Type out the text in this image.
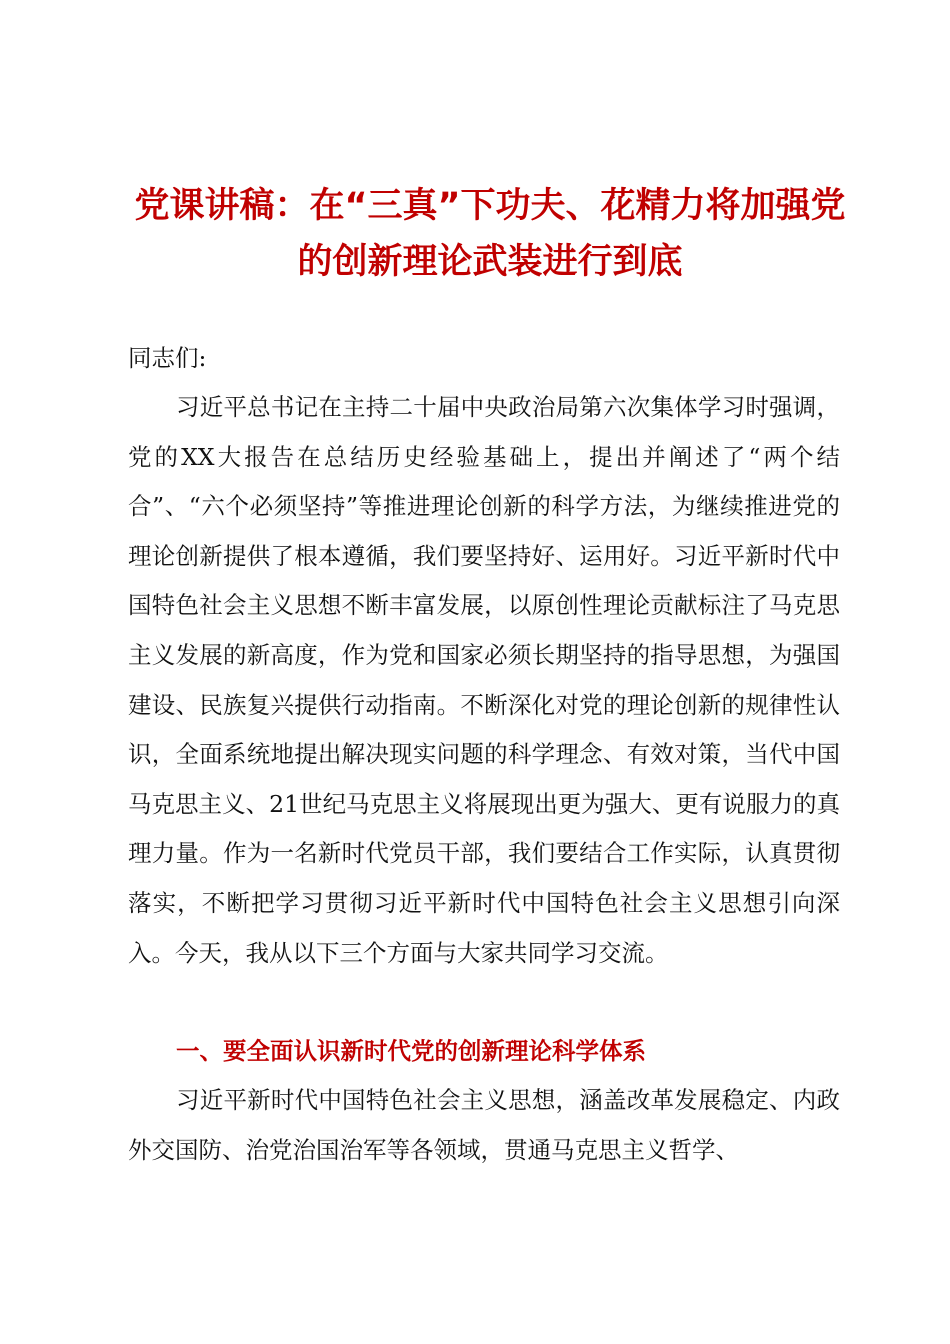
党课讲稿：在“三真”下功夫、花精力将加强党
的创新理论武装进行到底

同志们:

习近平总书记在主持二十届中央政治局第六次集体学习时强调，党的XX大报告在总结历史经验基础上，提出并阐述了“两个结合”、“六个必须坚持”等推进理论创新的科学方法，为继续推进党的理论创新提供了根本遵循，我们要坚持好、运用好。习近平新时代中国特色社会主义思想不断丰富发展，以原创性理论贡献标注了马克思主义发展的新高度，作为党和国家必须长期坚持的指导思想，为强国建设、民族复兴提供行动指南。不断深化对党的理论创新的规律性认识，全面系统地提出解决现实问题的科学理念、有效对策，当代中国马克思主义、21世纪马克思主义将展现出更为强大、更有说服力的真理力量。作为一名新时代党员干部，我们要结合工作实际，认真贯彻落实，不断把学习贯彻习近平新时代中国特色社会主义思想引向深入。今天，我从以下三个方面与大家共同学习交流。

一、要全面认识新时代党的创新理论科学体系

习近平新时代中国特色社会主义思想，涵盖改革发展稳定、内政外交国防、治党治国治军等各领域，贯通马克思主义哲学、
